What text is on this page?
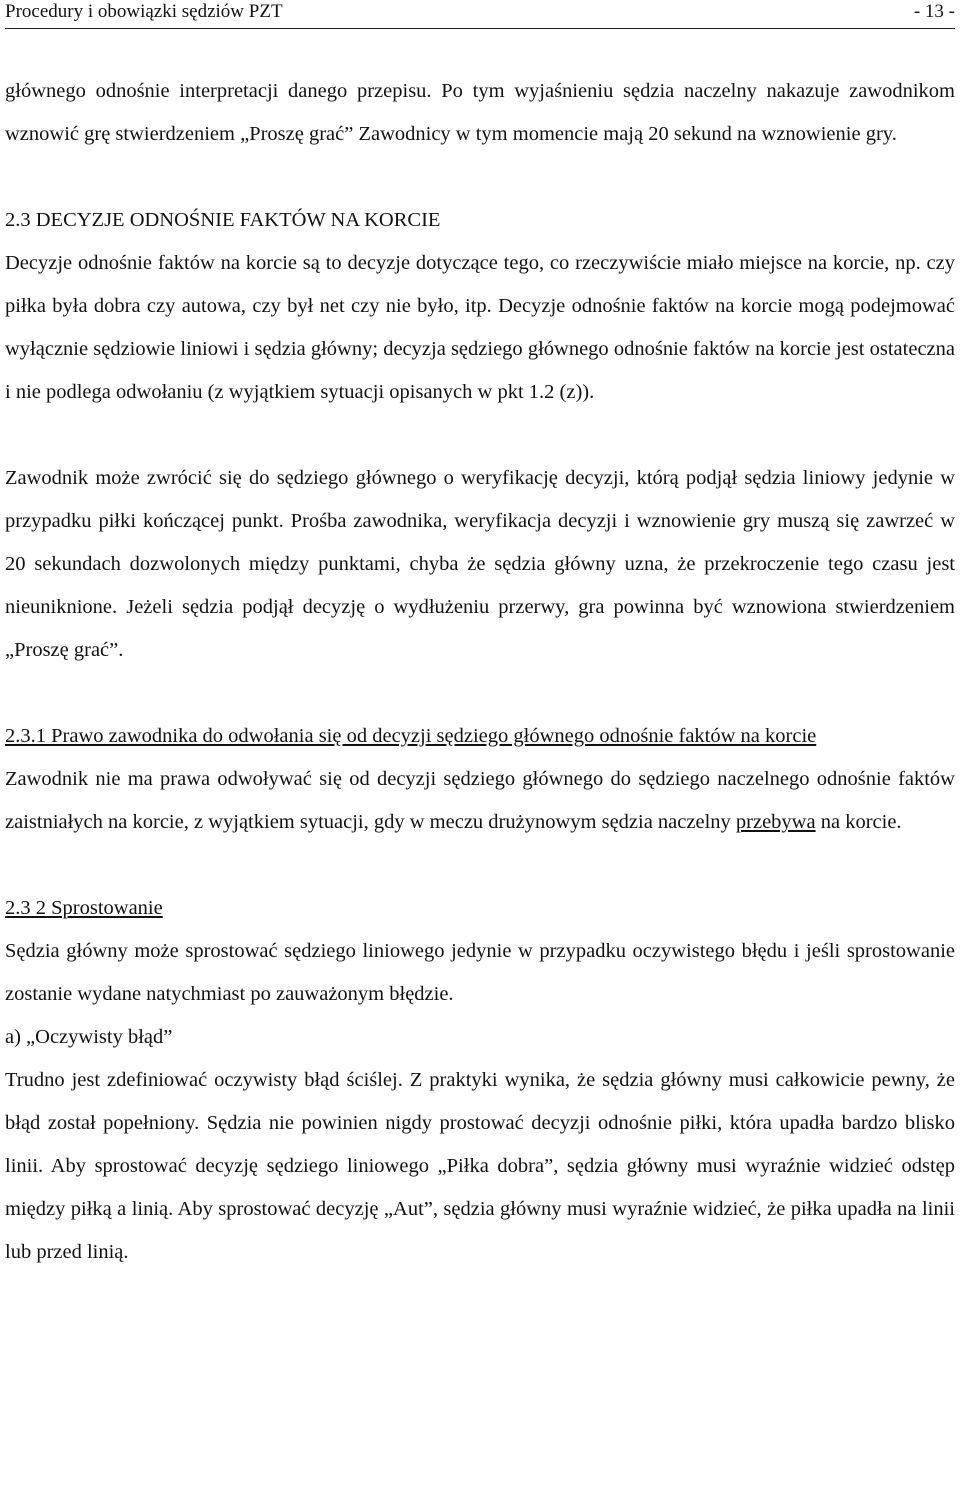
Procedury i obowiązki sędziów PZT	- 13 -

głównego odnośnie interpretacji danego przepisu. Po tym wyjaśnieniu sędzia naczelny nakazuje zawodnikom wznowić grę stwierdzeniem „Proszę grać” Zawodnicy w tym momencie mają 20 sekund na wznowienie gry.

2.3 DECYZJE ODNOŚNIE FAKTÓW NA KORCIE

Decyzje odnośnie faktów na korcie są to decyzje dotyczące tego, co rzeczywiście miało miejsce na korcie, np. czy piłka była dobra czy autowa, czy był net czy nie było, itp. Decyzje odnośnie faktów na korcie mogą podejmować wyłącznie sędziowie liniowi i sędzia główny; decyzja sędziego głównego odnośnie faktów na korcie jest ostateczna i nie podlega odwołaniu (z wyjątkiem sytuacji opisanych w pkt 1.2 (z)).

Zawodnik może zwrócić się do sędziego głównego o weryfikację decyzji, którą podjął sędzia liniowy jedynie w przypadku piłki kończącej punkt. Prośba zawodnika, weryfikacja decyzji i wznowienie gry muszą się zawrzeć w 20 sekundach dozwolonych między punktami, chyba że sędzia główny uzna, że przekroczenie tego czasu jest nieuniknione. Jeżeli sędzia podjął decyzję o wydłużeniu przerwy, gra powinna być wznowiona stwierdzeniem „Proszę grać”.

2.3.1 Prawo zawodnika do odwołania się od decyzji sędziego głównego odnośnie faktów na korcie

Zawodnik nie ma prawa odwoływać się od decyzji sędziego głównego do sędziego naczelnego odnośnie faktów zaistniałych na korcie, z wyjątkiem sytuacji, gdy w meczu drużynowym sędzia naczelny przebywa na korcie.

2.3 2 Sprostowanie

Sędzia główny może sprostować sędziego liniowego jedynie w przypadku oczywistego błędu i jeśli sprostowanie zostanie wydane natychmiast po zauważonym błędzie.

a) „Oczywisty błąd”

Trudno jest zdefiniować oczywisty błąd ściślej. Z praktyki wynika, że sędzia główny musi całkowicie pewny, że błąd został popełniony. Sędzia nie powinien nigdy prostować decyzji odnośnie piłki, która upadła bardzo blisko linii. Aby sprostować decyzję sędziego liniowego „Piłka dobra”, sędzia główny musi wyraźnie widzieć odstęp między piłką a linią. Aby sprostować decyzję „Aut”, sędzia główny musi wyraźnie widzieć, że piłka upadła na linii lub przed linią.
